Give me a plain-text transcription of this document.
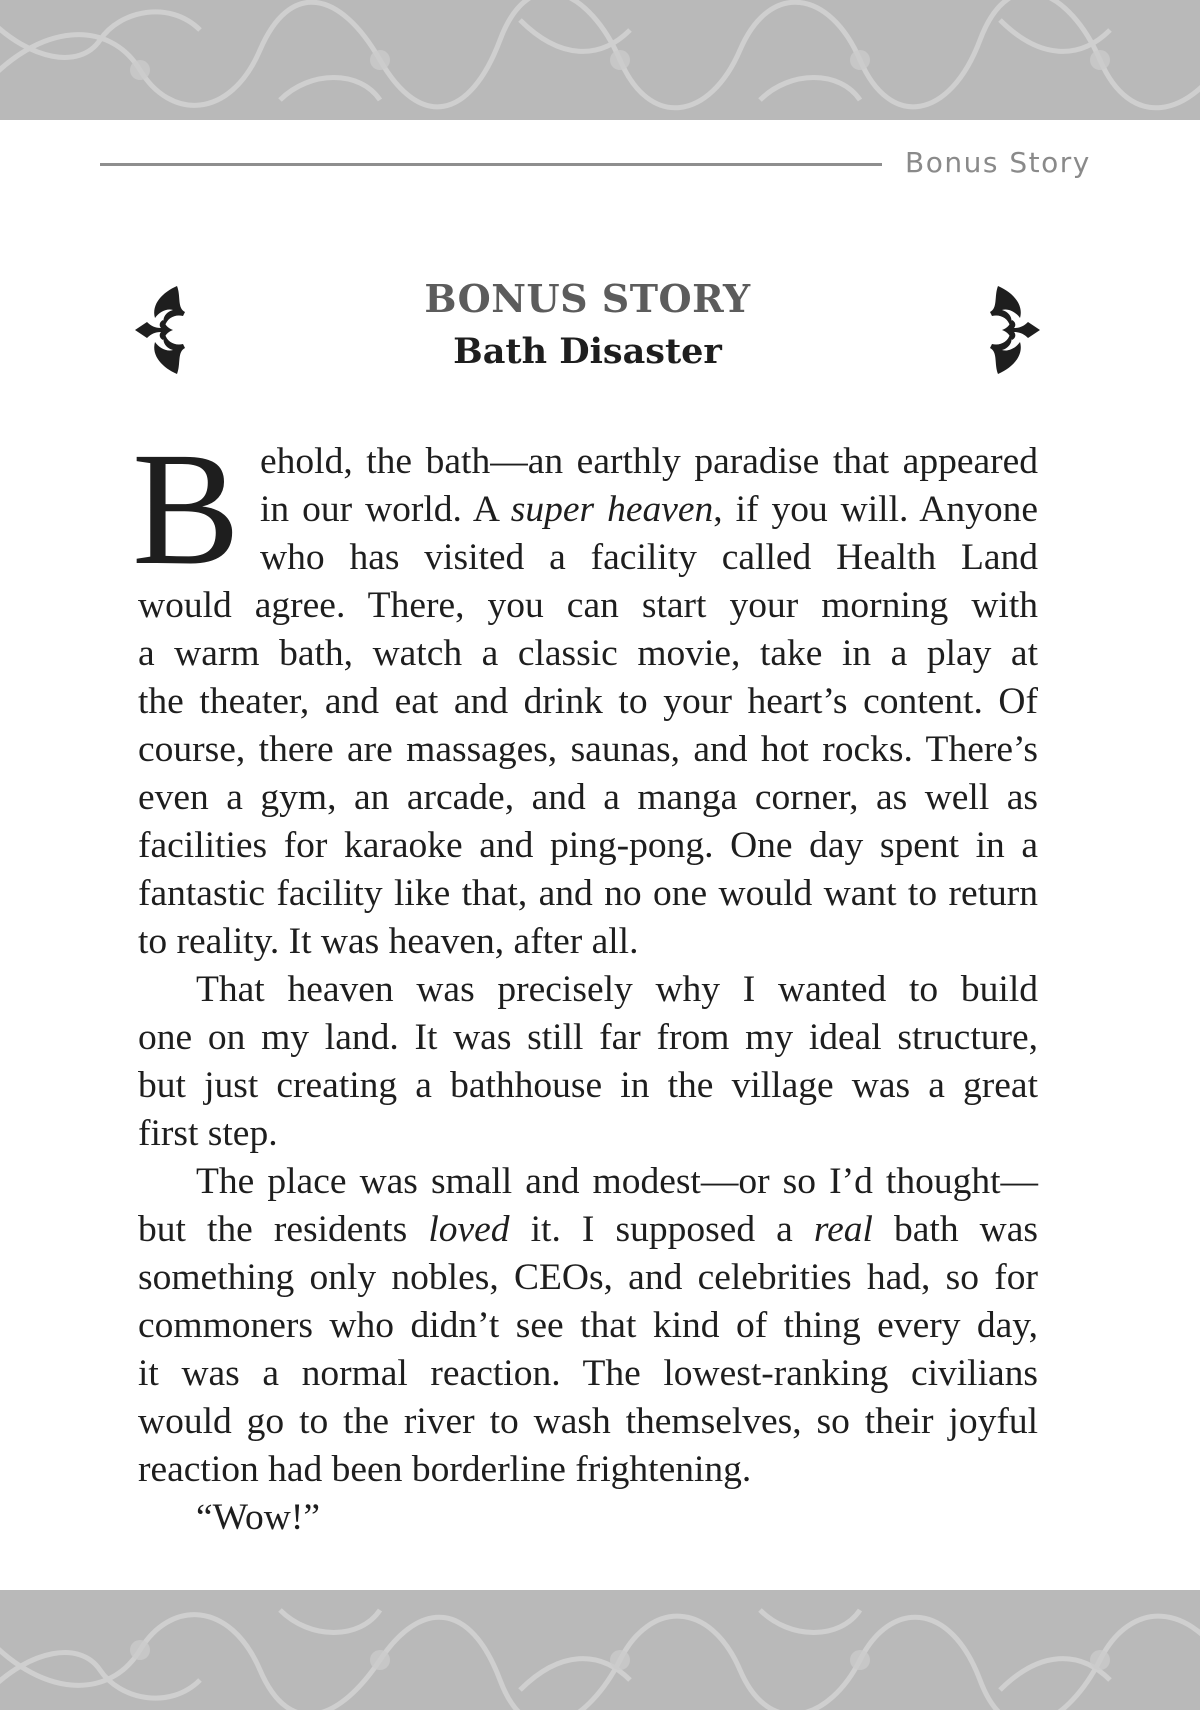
Bonus Story
BONUS STORY
Bath Disaster
B ehold, the bath—an earthly paradise that appeared
in our world. A super heaven, if you will. Anyone
who has visited a facility called Health Land
would agree. There, you can start your morning with
a warm bath, watch a classic movie, take in a play at
the theater, and eat and drink to your heart’s content. Of
course, there are massages, saunas, and hot rocks. There’s
even a gym, an arcade, and a manga corner, as well as
facilities for karaoke and ping-pong. One day spent in a
fantastic facility like that, and no one would want to return
to reality. It was heaven, after all.
That heaven was precisely why I wanted to build
one on my land. It was still far from my ideal structure,
but just creating a bathhouse in the village was a great
first step.
The place was small and modest—or so I’d thought—
but the residents loved it. I supposed a real bath was
something only nobles, CEOs, and celebrities had, so for
commoners who didn’t see that kind of thing every day,
it was a normal reaction. The lowest-ranking civilians
would go to the river to wash themselves, so their joyful
reaction had been borderline frightening.
“Wow!”
